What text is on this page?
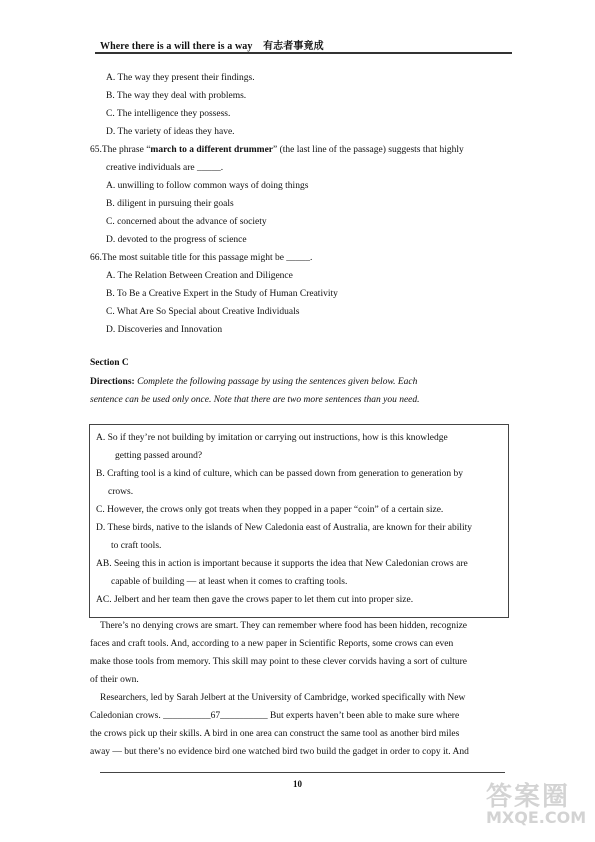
Where there is a will there is a way 有志者事竟成
A. The way they present their findings.
B. The way they deal with problems.
C. The intelligence they possess.
D. The variety of ideas they have.
65.The phrase “march to a different drummer” (the last line of the passage) suggests that highly
creative individuals are _____.
A. unwilling to follow common ways of doing things
B. diligent in pursuing their goals
C. concerned about the advance of society
D. devoted to the progress of science
66.The most suitable title for this passage might be _____.
A. The Relation Between Creation and Diligence
B. To Be a Creative Expert in the Study of Human Creativity
C. What Are So Special about Creative Individuals
D. Discoveries and Innovation
Section C
Directions: Complete the following passage by using the sentences given below. Each
sentence can be used only once. Note that there are two more sentences than you need.
A. So if they’re not building by imitation or carrying out instructions, how is this knowledge
getting passed around?
B. Crafting tool is a kind of culture, which can be passed down from generation to generation by
crows.
C. However, the crows only got treats when they popped in a paper “coin” of a certain size.
D. These birds, native to the islands of New Caledonia east of Australia, are known for their ability
to craft tools.
AB. Seeing this in action is important because it supports the idea that New Caledonian crows are
capable of building — at least when it comes to crafting tools.
AC. Jelbert and her team then gave the crows paper to let them cut into proper size.
There’s no denying crows are smart. They can remember where food has been hidden, recognize
faces and craft tools. And, according to a new paper in Scientific Reports, some crows can even
make those tools from memory. This skill may point to these clever corvids having a sort of culture
of their own.
Researchers, led by Sarah Jelbert at the University of Cambridge, worked specifically with New
Caledonian crows. __________67__________ But experts haven’t been able to make sure where
the crows pick up their skills. A bird in one area can construct the same tool as another bird miles
away — but there’s no evidence bird one watched bird two build the gadget in order to copy it. And
10	答案圈
MXQE.COM
